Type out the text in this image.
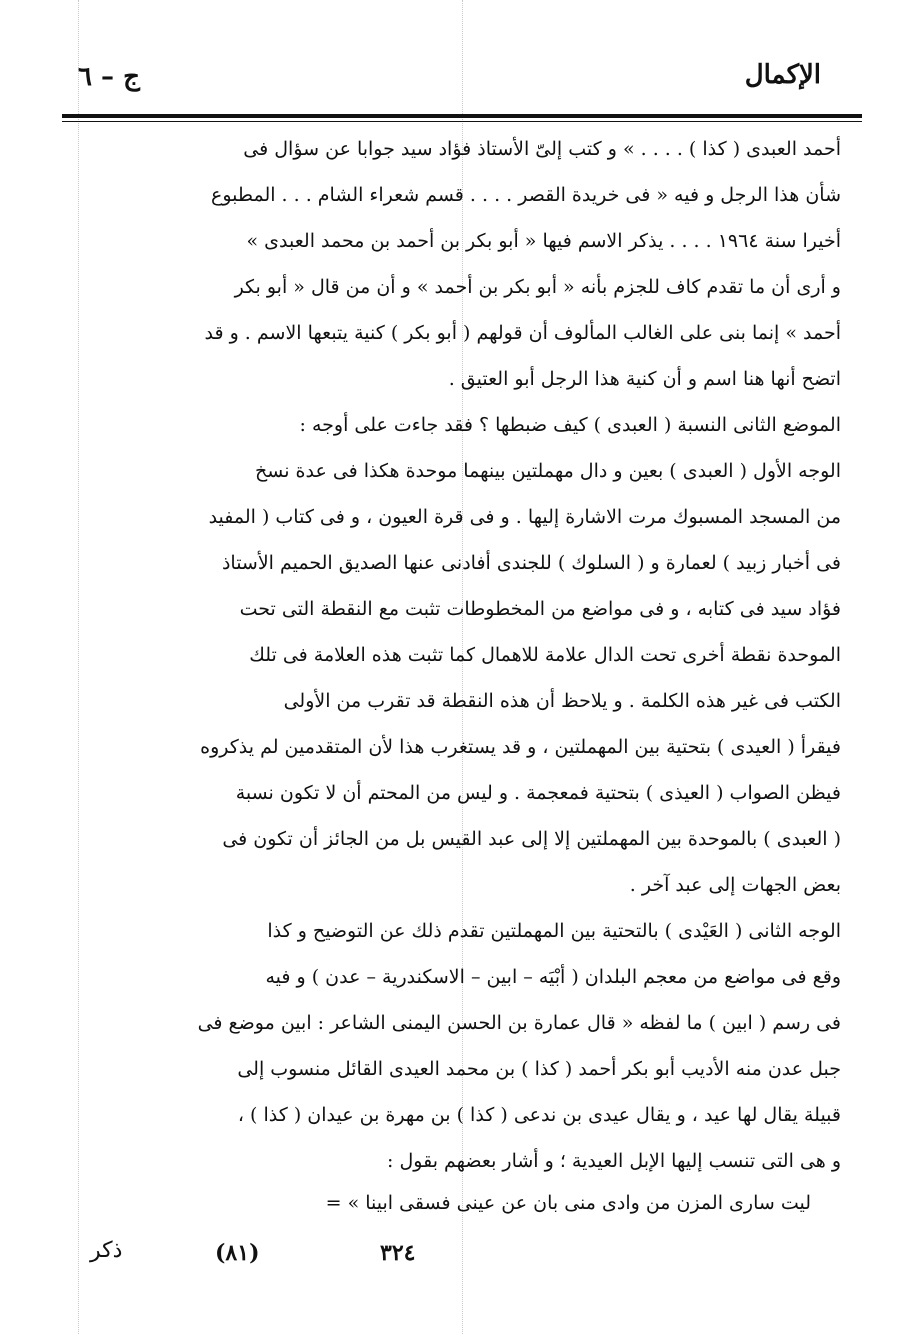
الإكمال
ج – ٦
أحمد العبدى ( كذا ) . . . . » و كتب إلىّ الأستاذ فؤاد سيد جوابا عن سؤال فى
شأن هذا الرجل و فيه « فى خريدة القصر . . . . قسم شعراء الشام . . . المطبوع
أخيرا سنة ١٩٦٤ . . . . يذكر الاسم فيها « أبو بكر بن أحمد بن محمد العبدى »
و أرى أن ما تقدم كاف للجزم بأنه « أبو بكر بن أحمد » و أن من قال « أبو بكر
أحمد » إنما بنى على الغالب المألوف أن قولهم ( أبو بكر ) كنية يتبعها الاسم . و قد
اتضح أنها هنا اسم و أن كنية هذا الرجل أبو العتيق .
الموضع الثانى النسبة ( العبدى ) كيف ضبطها ؟ فقد جاءت على أوجه :
الوجه الأول ( العبدى ) بعين و دال مهملتين بينهما موحدة هكذا فى عدة نسخ
من المسجد المسبوك مرت الاشارة إليها . و فى قرة العيون ، و فى كتاب ( المفيد
فى أخبار زبيد ) لعمارة و ( السلوك ) للجندى أفادنى عنها الصديق الحميم الأستاذ
فؤاد سيد فى كتابه ، و فى مواضع من المخطوطات تثبت مع النقطة التى تحت
الموحدة نقطة أخرى تحت الدال علامة للاهمال كما تثبت هذه العلامة فى تلك
الكتب فى غير هذه الكلمة . و يلاحظ أن هذه النقطة قد تقرب من الأولى
فيقرأ ( العيدى ) بتحتية بين المهملتين ، و قد يستغرب هذا لأن المتقدمين لم يذكروه
فيظن الصواب ( العيذى ) بتحتية فمعجمة . و ليس من المحتم أن لا تكون نسبة
( العبدى ) بالموحدة بين المهملتين إلا إلى عبد القيس بل من الجائز أن تكون فى
بعض الجهات إلى عبد آخر .
الوجه الثانى ( العَيْدى ) بالتحتية بين المهملتين تقدم ذلك عن التوضيح و كذا
وقع فى مواضع من معجم البلدان ( أبْيَه – ابين – الاسكندرية – عدن ) و فيه
فى رسم ( ابين ) ما لفظه « قال عمارة بن الحسن اليمنى الشاعر : ابين موضع فى
جبل عدن منه الأديب أبو بكر أحمد ( كذا ) بن محمد العيدى القائل منسوب إلى
قبيلة يقال لها عيد ، و يقال عيدى بن ندعى ( كذا ) بن مهرة بن عيدان ( كذا ) ،
و هى التى تنسب إليها الإبل العيدية ؛ و أشار بعضهم بقول :
ليت سارى المزن من وادى منى بان عن عينى فسقى ابينا » =
ذكر	(٨١)	٣٢٤
